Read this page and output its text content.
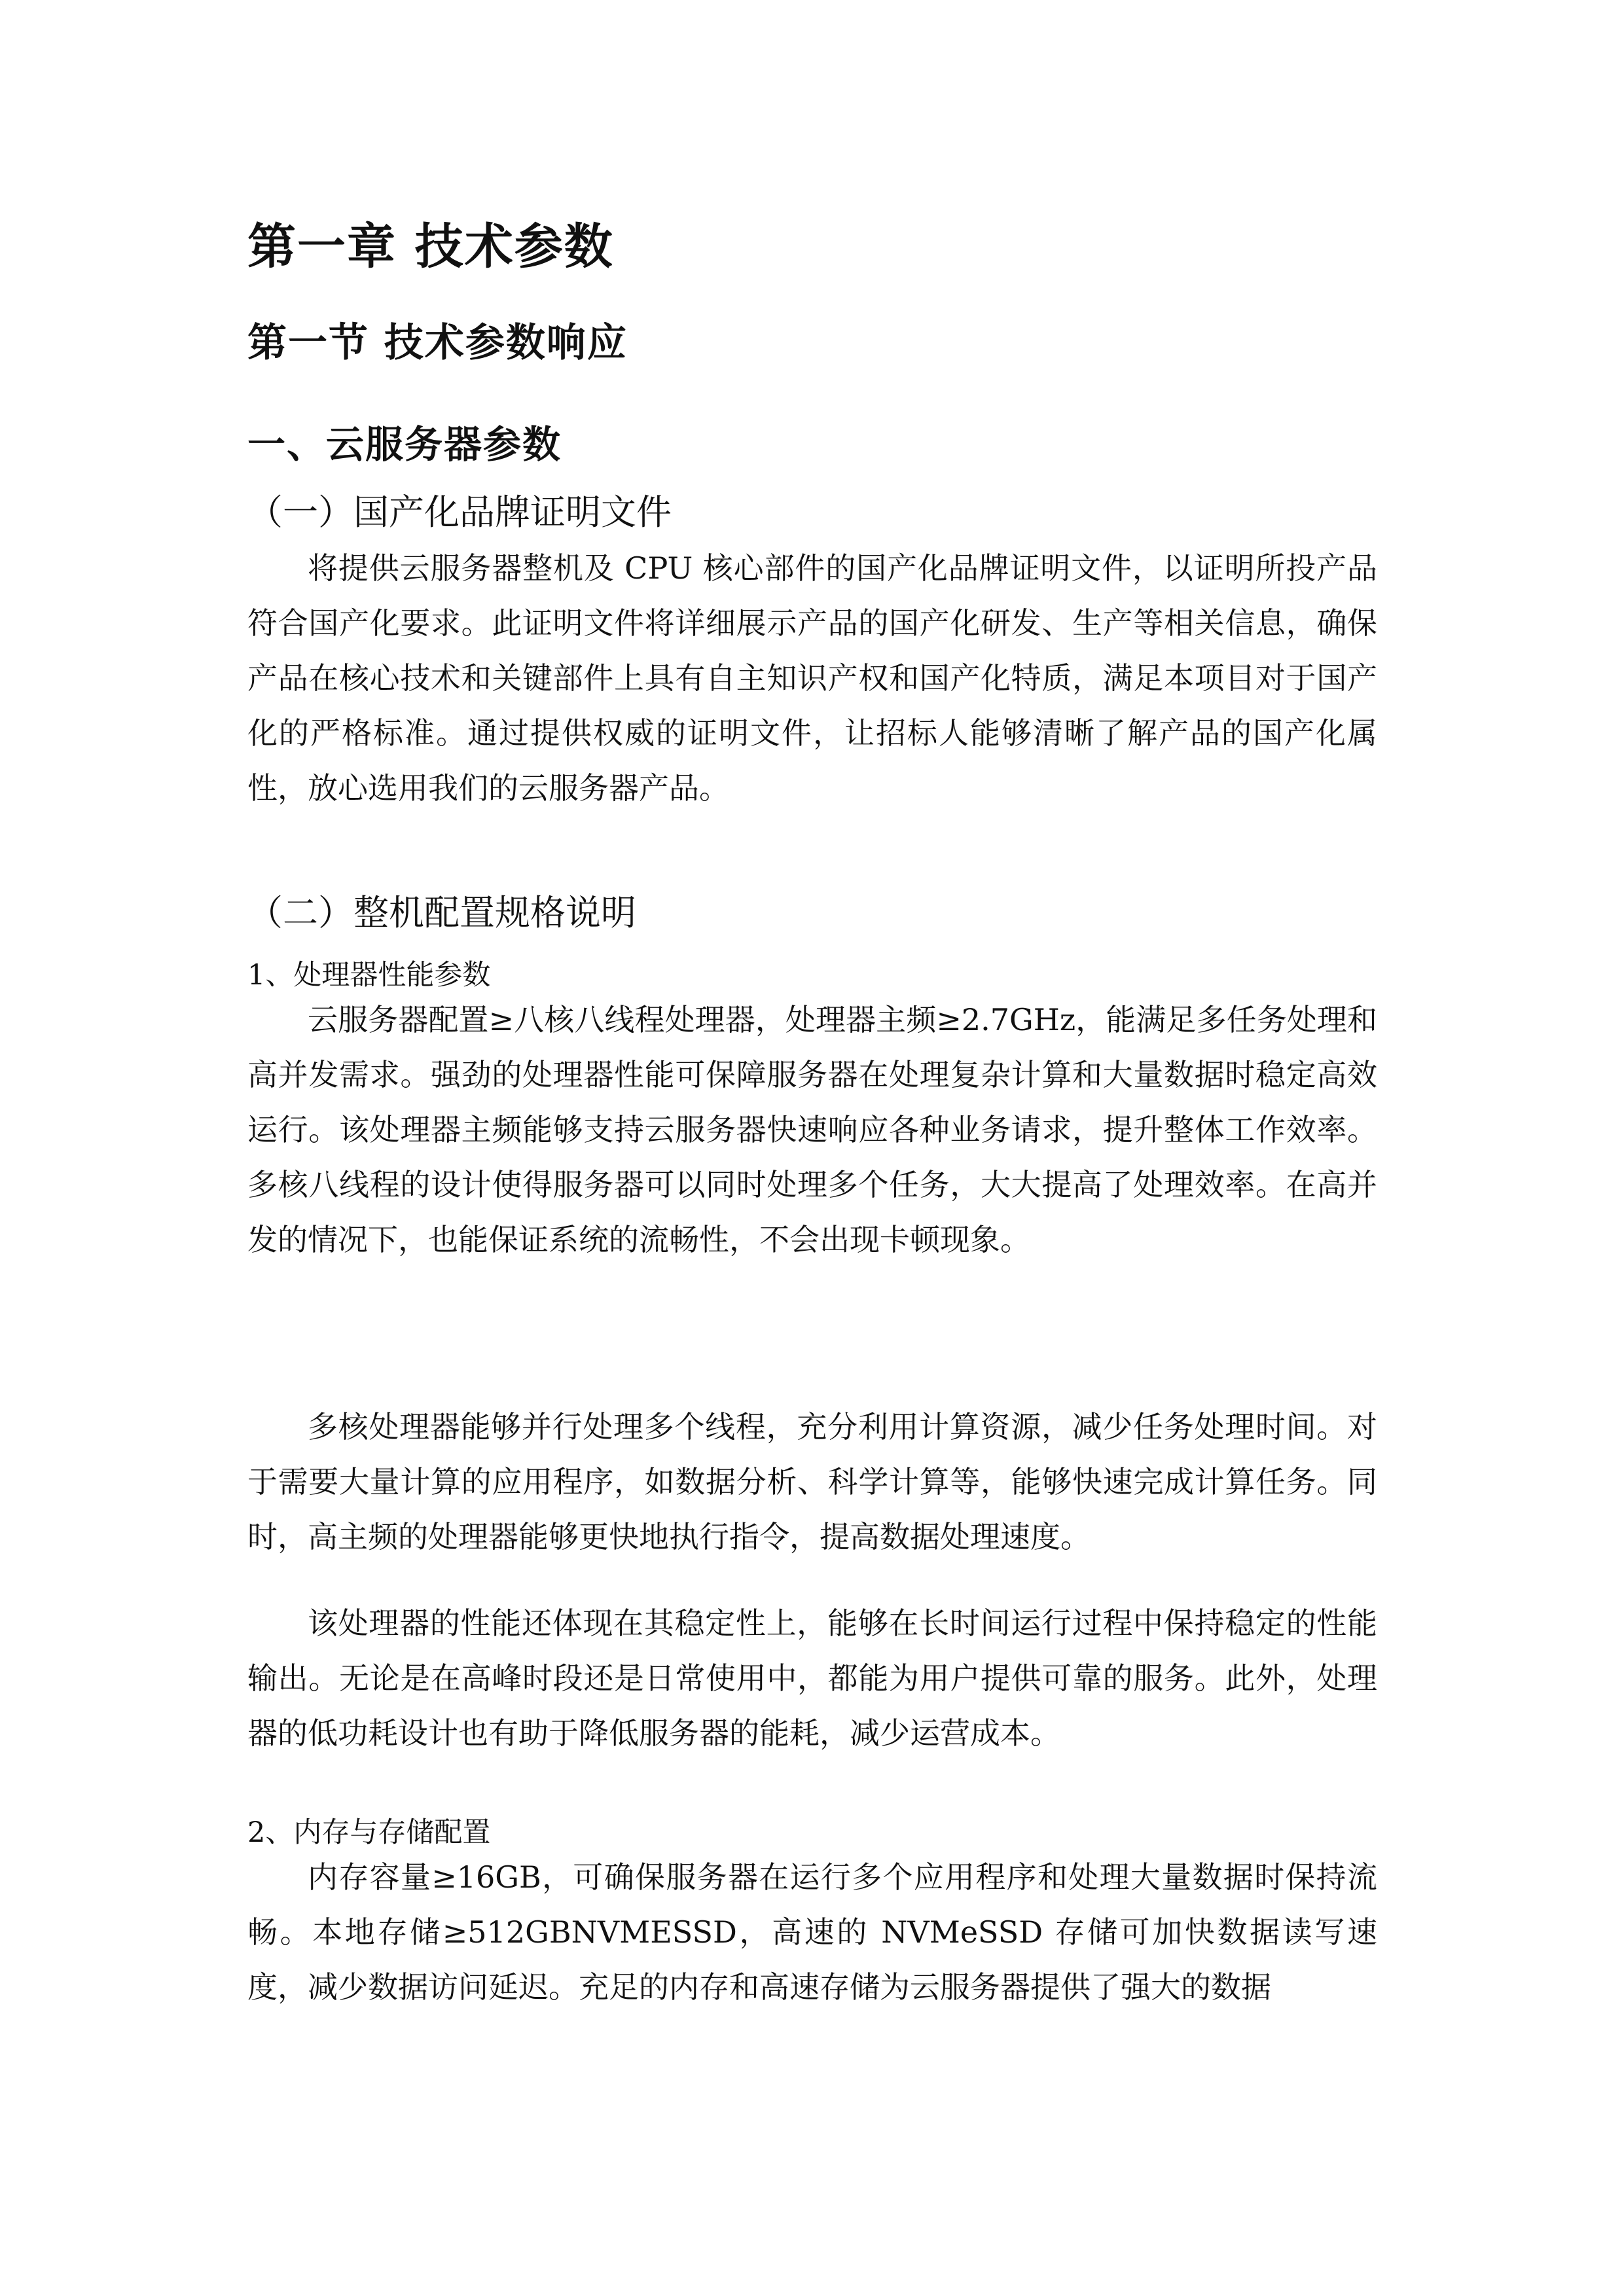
第一章 技术参数
第一节 技术参数响应
一、云服务器参数
（一）国产化品牌证明文件

将提供云服务器整机及 CPU 核心部件的国产化品牌证明文件，以证明所投产品符合国产化要求。此证明文件将详细展示产品的国产化研发、生产等相关信息，确保产品在核心技术和关键部件上具有自主知识产权和国产化特质，满足本项目对于国产化的严格标准。通过提供权威的证明文件，让招标人能够清晰了解产品的国产化属性，放心选用我们的云服务器产品。

（二）整机配置规格说明
1、处理器性能参数

云服务器配置≥八核八线程处理器，处理器主频≥2.7GHz，能满足多任务处理和高并发需求。强劲的处理器性能可保障服务器在处理复杂计算和大量数据时稳定高效运行。该处理器主频能够支持云服务器快速响应各种业务请求，提升整体工作效率。多核八线程的设计使得服务器可以同时处理多个任务，大大提高了处理效率。在高并发的情况下，也能保证系统的流畅性，不会出现卡顿现象。

多核处理器能够并行处理多个线程，充分利用计算资源，减少任务处理时间。对于需要大量计算的应用程序，如数据分析、科学计算等，能够快速完成计算任务。同时，高主频的处理器能够更快地执行指令，提高数据处理速度。

该处理器的性能还体现在其稳定性上，能够在长时间运行过程中保持稳定的性能输出。无论是在高峰时段还是日常使用中，都能为用户提供可靠的服务。此外，处理器的低功耗设计也有助于降低服务器的能耗，减少运营成本。

2、内存与存储配置

内存容量≥16GB，可确保服务器在运行多个应用程序和处理大量数据时保持流畅。本地存储≥512GBNVMESSD，高速的 NVMeSSD 存储可加快数据读写速度，减少数据访问延迟。充足的内存和高速存储为云服务器提供了强大的数据
